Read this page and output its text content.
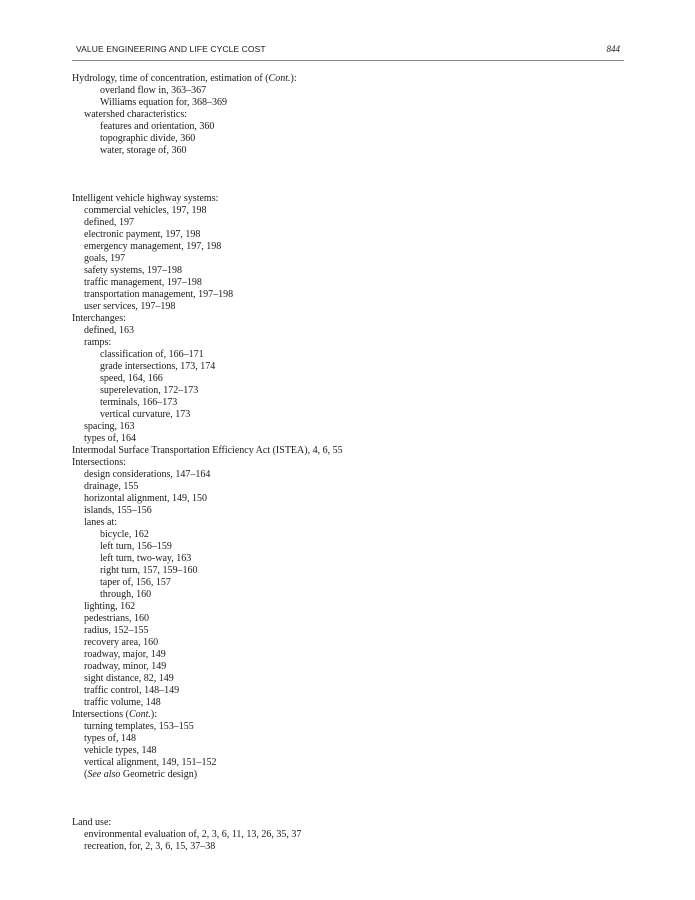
VALUE ENGINEERING AND LIFE CYCLE COST	844
Hydrology, time of concentration, estimation of (Cont.):
overland flow in, 363–367
Williams equation for, 368–369
watershed characteristics:
features and orientation, 360
topographic divide, 360
water, storage of, 360
Intelligent vehicle highway systems:
commercial vehicles, 197, 198
defined, 197
electronic payment, 197, 198
emergency management, 197, 198
goals, 197
safety systems, 197–198
traffic management, 197–198
transportation management, 197–198
user services, 197–198
Interchanges:
defined, 163
ramps:
classification of, 166–171
grade intersections, 173, 174
speed, 164, 166
superelevation, 172–173
terminals, 166–173
vertical curvature, 173
spacing, 163
types of, 164
Intermodal Surface Transportation Efficiency Act (ISTEA), 4, 6, 55
Intersections:
design considerations, 147–164
drainage, 155
horizontal alignment, 149, 150
islands, 155–156
lanes at:
bicycle, 162
left turn, 156–159
left turn, two-way, 163
right turn, 157, 159–160
taper of, 156, 157
through, 160
lighting, 162
pedestrians, 160
radius, 152–155
recovery area, 160
roadway, major, 149
roadway, minor, 149
sight distance, 82, 149
traffic control, 148–149
traffic volume, 148
Intersections (Cont.):
turning templates, 153–155
types of, 148
vehicle types, 148
vertical alignment, 149, 151–152
(See also Geometric design)
Land use:
environmental evaluation of, 2, 3, 6, 11, 13, 26, 35, 37
recreation, for, 2, 3, 6, 15, 37–38
